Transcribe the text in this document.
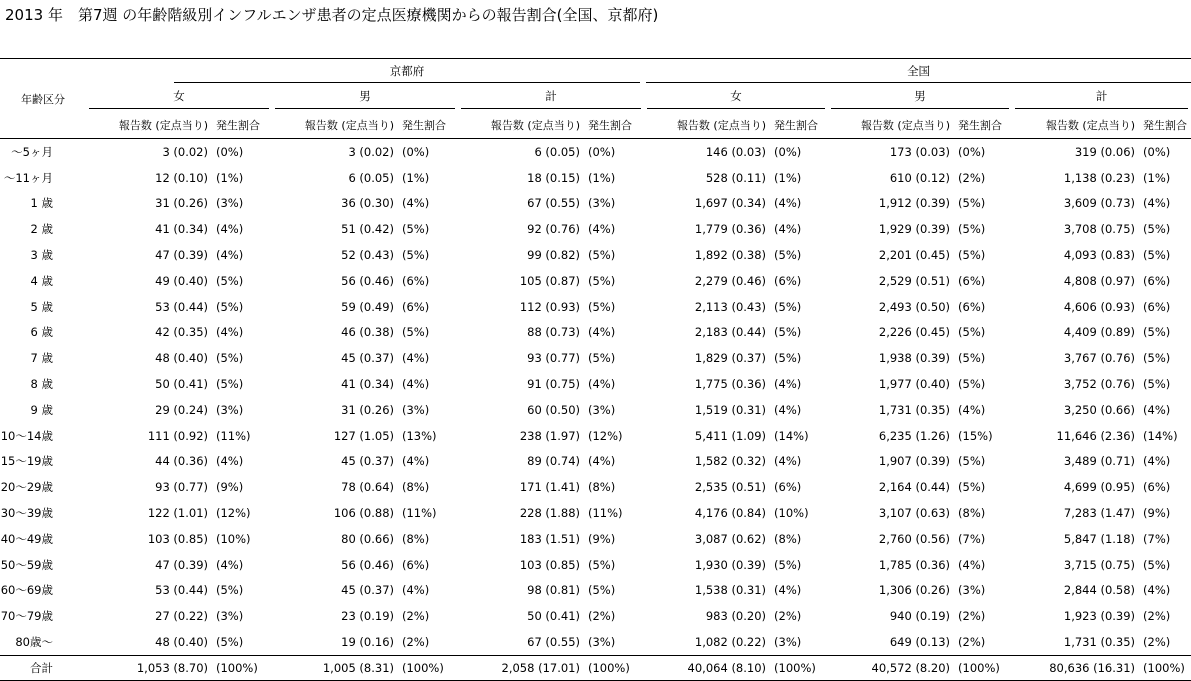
2013 年　第7週 の年齢階級別インフルエンザ患者の定点医療機関からの報告割合(全国、京都府)
年齢区分	京都府						全国					

	女		男		計		女		男		計	

	報告数 (定点当り)	発生割合	報告数 (定点当り)	発生割合	報告数 (定点当り)	発生割合	報告数 (定点当り)	発生割合	報告数 (定点当り)	発生割合	報告数 (定点当り)	発生割合
～5ヶ月	3 (0.02)	(0%)	3 (0.02)	(0%)	6 (0.05)	(0%)	146 (0.03)	(0%)	173 (0.03)	(0%)	319 (0.06)	(0%)
～11ヶ月	12 (0.10)	(1%)	6 (0.05)	(1%)	18 (0.15)	(1%)	528 (0.11)	(1%)	610 (0.12)	(2%)	1,138 (0.23)	(1%)
1 歳	31 (0.26)	(3%)	36 (0.30)	(4%)	67 (0.55)	(3%)	1,697 (0.34)	(4%)	1,912 (0.39)	(5%)	3,609 (0.73)	(4%)
2 歳	41 (0.34)	(4%)	51 (0.42)	(5%)	92 (0.76)	(4%)	1,779 (0.36)	(4%)	1,929 (0.39)	(5%)	3,708 (0.75)	(5%)
3 歳	47 (0.39)	(4%)	52 (0.43)	(5%)	99 (0.82)	(5%)	1,892 (0.38)	(5%)	2,201 (0.45)	(5%)	4,093 (0.83)	(5%)
4 歳	49 (0.40)	(5%)	56 (0.46)	(6%)	105 (0.87)	(5%)	2,279 (0.46)	(6%)	2,529 (0.51)	(6%)	4,808 (0.97)	(6%)
5 歳	53 (0.44)	(5%)	59 (0.49)	(6%)	112 (0.93)	(5%)	2,113 (0.43)	(5%)	2,493 (0.50)	(6%)	4,606 (0.93)	(6%)
6 歳	42 (0.35)	(4%)	46 (0.38)	(5%)	88 (0.73)	(4%)	2,183 (0.44)	(5%)	2,226 (0.45)	(5%)	4,409 (0.89)	(5%)
7 歳	48 (0.40)	(5%)	45 (0.37)	(4%)	93 (0.77)	(5%)	1,829 (0.37)	(5%)	1,938 (0.39)	(5%)	3,767 (0.76)	(5%)
8 歳	50 (0.41)	(5%)	41 (0.34)	(4%)	91 (0.75)	(4%)	1,775 (0.36)	(4%)	1,977 (0.40)	(5%)	3,752 (0.76)	(5%)
9 歳	29 (0.24)	(3%)	31 (0.26)	(3%)	60 (0.50)	(3%)	1,519 (0.31)	(4%)	1,731 (0.35)	(4%)	3,250 (0.66)	(4%)
10～14歳	111 (0.92)	(11%)	127 (1.05)	(13%)	238 (1.97)	(12%)	5,411 (1.09)	(14%)	6,235 (1.26)	(15%)	11,646 (2.36)	(14%)
15～19歳	44 (0.36)	(4%)	45 (0.37)	(4%)	89 (0.74)	(4%)	1,582 (0.32)	(4%)	1,907 (0.39)	(5%)	3,489 (0.71)	(4%)
20～29歳	93 (0.77)	(9%)	78 (0.64)	(8%)	171 (1.41)	(8%)	2,535 (0.51)	(6%)	2,164 (0.44)	(5%)	4,699 (0.95)	(6%)
30～39歳	122 (1.01)	(12%)	106 (0.88)	(11%)	228 (1.88)	(11%)	4,176 (0.84)	(10%)	3,107 (0.63)	(8%)	7,283 (1.47)	(9%)
40～49歳	103 (0.85)	(10%)	80 (0.66)	(8%)	183 (1.51)	(9%)	3,087 (0.62)	(8%)	2,760 (0.56)	(7%)	5,847 (1.18)	(7%)
50～59歳	47 (0.39)	(4%)	56 (0.46)	(6%)	103 (0.85)	(5%)	1,930 (0.39)	(5%)	1,785 (0.36)	(4%)	3,715 (0.75)	(5%)
60～69歳	53 (0.44)	(5%)	45 (0.37)	(4%)	98 (0.81)	(5%)	1,538 (0.31)	(4%)	1,306 (0.26)	(3%)	2,844 (0.58)	(4%)
70～79歳	27 (0.22)	(3%)	23 (0.19)	(2%)	50 (0.41)	(2%)	983 (0.20)	(2%)	940 (0.19)	(2%)	1,923 (0.39)	(2%)
80歳～	48 (0.40)	(5%)	19 (0.16)	(2%)	67 (0.55)	(3%)	1,082 (0.22)	(3%)	649 (0.13)	(2%)	1,731 (0.35)	(2%)
合計	1,053 (8.70)	(100%)	1,005 (8.31)	(100%)	2,058 (17.01)	(100%)	40,064 (8.10)	(100%)	40,572 (8.20)	(100%)	80,636 (16.31)	(100%)
